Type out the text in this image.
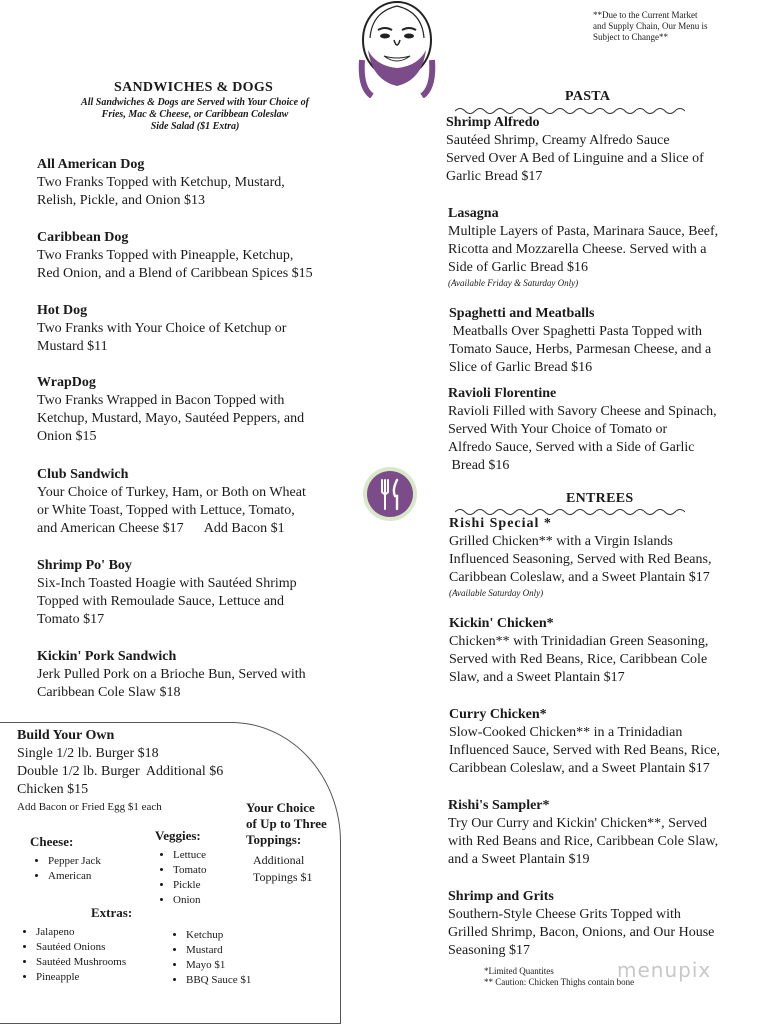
**Due to the Current Market
and Supply Chain, Our Menu is
Subject to Change**
SANDWICHES & DOGS
All Sandwiches & Dogs are Served with Your Choice of
Fries, Mac & Cheese, or Caribbean Coleslaw
Side Salad ($1 Extra)
All American Dog
Two Franks Topped with Ketchup, Mustard,
Relish, Pickle, and Onion $13
Caribbean Dog
Two Franks Topped with Pineapple, Ketchup,
Red Onion, and a Blend of Caribbean Spices $15
Hot Dog
Two Franks with Your Choice of Ketchup or
Mustard $11
WrapDog
Two Franks Wrapped in Bacon Topped with
Ketchup, Mustard, Mayo, Sautéed Peppers, and
Onion $15
Club Sandwich
Your Choice of Turkey, Ham, or Both on Wheat
or White Toast, Topped with Lettuce, Tomato,
and American Cheese $17      Add Bacon $1
Shrimp Po' Boy
Six-Inch Toasted Hoagie with Sautéed Shrimp
Topped with Remoulade Sauce, Lettuce and
Tomato $17
Kickin' Pork Sandwich
Jerk Pulled Pork on a Brioche Bun, Served with
Caribbean Cole Slaw $18
Build Your Own
Single 1/2 lb. Burger $18
Double 1/2 lb. Burger  Additional $6
Chicken $15
Add Bacon or Fried Egg $1 each
Cheese:
• Pepper Jack
• American
Veggies:
• Lettuce
• Tomato
• Pickle
• Onion
Your Choice
of Up to Three
Toppings:
Additional
Toppings $1
Extras:
• Jalapeno
• Sautéed Onions
• Sautéed Mushrooms
• Pineapple
• Ketchup
• Mustard
• Mayo $1
• BBQ Sauce $1
PASTA
Shrimp Alfredo
Sautéed Shrimp, Creamy Alfredo Sauce
Served Over A Bed of Linguine and a Slice of
Garlic Bread $17
Lasagna
Multiple Layers of Pasta, Marinara Sauce, Beef,
Ricotta and Mozzarella Cheese. Served with a
Side of Garlic Bread $16
(Available Friday & Saturday Only)
Spaghetti and Meatballs
Meatballs Over Spaghetti Pasta Topped with
Tomato Sauce, Herbs, Parmesan Cheese, and a
Slice of Garlic Bread $16
Ravioli Florentine
Ravioli Filled with Savory Cheese and Spinach,
Served With Your Choice of Tomato or
Alfredo Sauce, Served with a Side of Garlic
Bread $16
ENTREES
Rishi Special *
Grilled Chicken** with a Virgin Islands
Influenced Seasoning, Served with Red Beans,
Caribbean Coleslaw, and a Sweet Plantain $17
(Available Saturday Only)
Kickin' Chicken*
Chicken** with Trinidadian Green Seasoning,
Served with Red Beans, Rice, Caribbean Cole
Slaw, and a Sweet Plantain $17
Curry Chicken*
Slow-Cooked Chicken** in a Trinidadian
Influenced Sauce, Served with Red Beans, Rice,
Caribbean Coleslaw, and a Sweet Plantain $17
Rishi's Sampler*
Try Our Curry and Kickin' Chicken**, Served
with Red Beans and Rice, Caribbean Cole Slaw,
and a Sweet Plantain $19
Shrimp and Grits
Southern-Style Cheese Grits Topped with
Grilled Shrimp, Bacon, Onions, and Our House
Seasoning $17
*Limited Quantites
** Caution: Chicken Thighs contain bone
menupix
